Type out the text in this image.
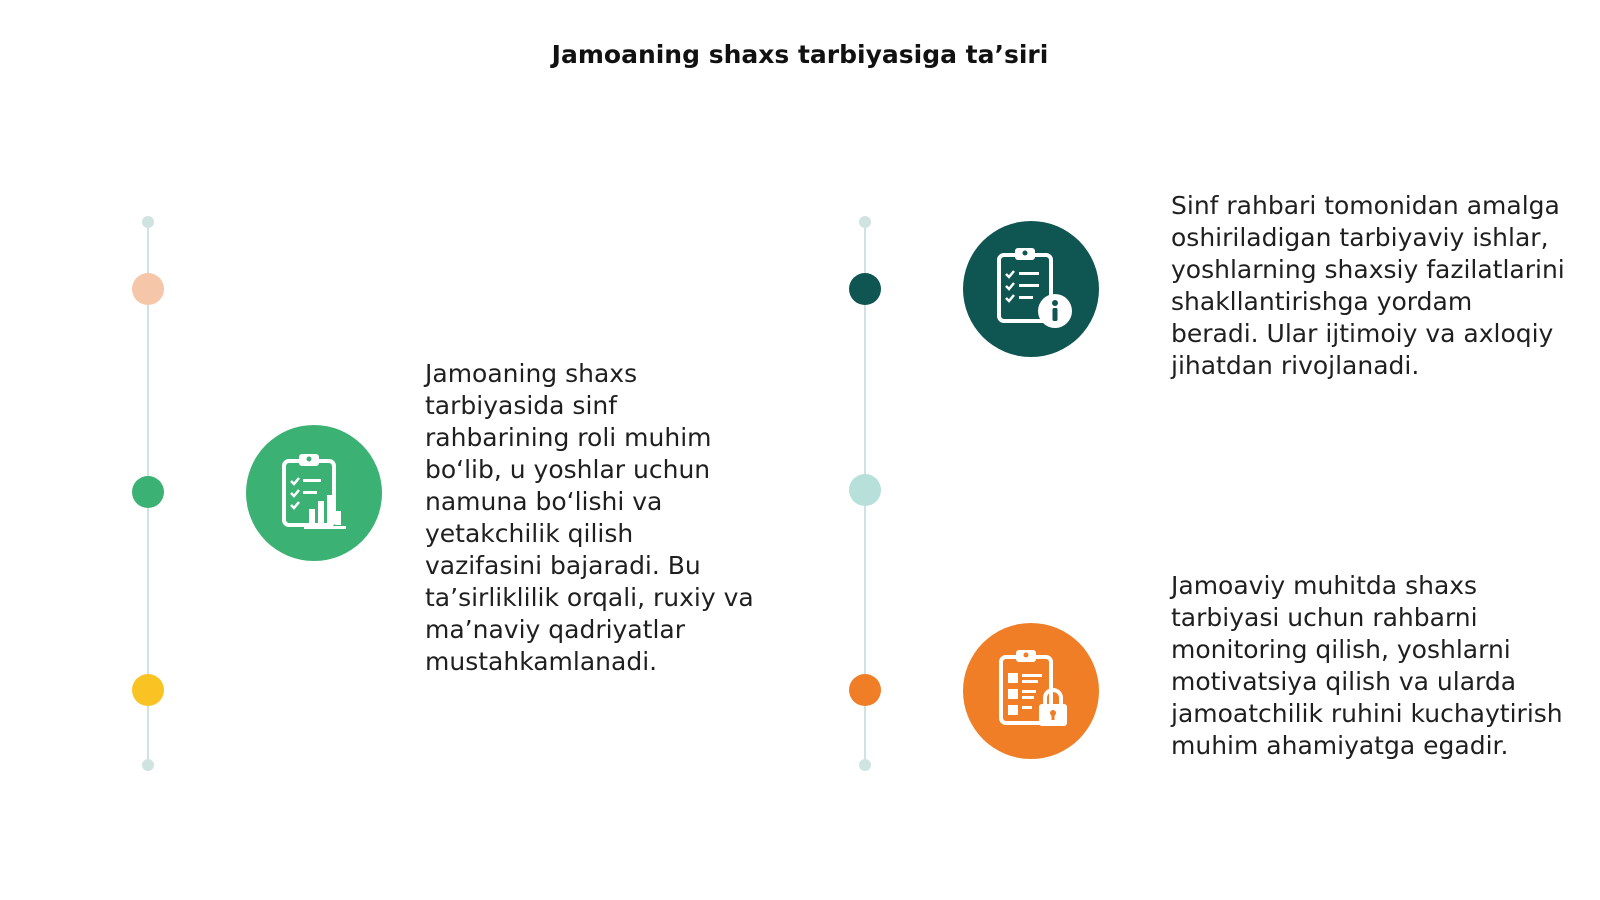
Jamoaning shaxs tarbiyasiga ta’siri
Jamoaning shaxs tarbiyasida sinf rahbarining roli muhim bo‘lib, u yoshlar uchun namuna bo‘lishi va yetakchilik qilish vazifasini bajaradi. Bu ta’sirliklilik orqali, ruxiy va ma’naviy qadriyatlar mustahkamlanadi.
Sinf rahbari tomonidan amalga oshiriladigan tarbiyaviy ishlar, yoshlarning shaxsiy fazilatlarini shakllantirishga yordam beradi. Ular ijtimoiy va axloqiy jihatdan rivojlanadi.
Jamoaviy muhitda shaxs tarbiyasi uchun rahbarni monitoring qilish, yoshlarni motivatsiya qilish va ularda jamoatchilik ruhini kuchaytirish muhim ahamiyatga egadir.
